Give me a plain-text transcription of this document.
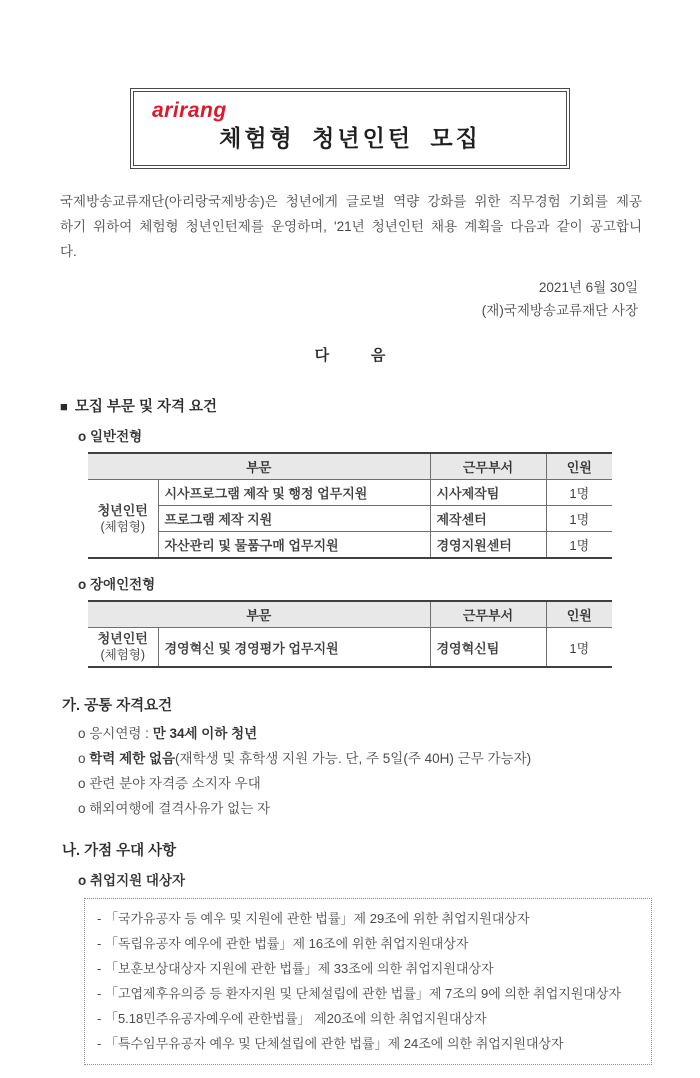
arirang
체험형 청년인턴 모집

국제방송교류재단(아리랑국제방송)은 청년에게 글로벌 역량 강화를 위한 직무경험 기회를 제공하기 위하여 체험형 청년인턴제를 운영하며, '21년 청년인턴 채용 계획을 다음과 같이 공고합니다.

2021년 6월 30일
(재)국제방송교류재단 사장
다          음
■ 모집 부문 및 자격 요건
o 일반전형
부문		근무부서	인원

청년인턴
(체험형)	시사프로그램 제작 및 행정 업무지원	시사제작팀	1명
	프로그램 제작 지원	제작센터	1명
	자산관리 및 물품구매 업무지원	경영지원센터	1명
o 장애인전형
부문		근무부서	인원

청년인턴
(체험형)	경영혁신 및 경영평가 업무지원	경영혁신팀	1명
가. 공통 자격요건
o 응시연령 : 만 34세 이하 청년
o 학력 제한 없음(재학생 및 휴학생 지원 가능. 단, 주 5일(주 40H) 근무 가능자)
o 관련 분야 자격증 소지자 우대
o 해외여행에 결격사유가 없는 자
나. 가점 우대 사항
o 취업지원 대상자
- 「국가유공자 등 예우 및 지원에 관한 법률」제 29조에 위한 취업지원대상자
- 「독립유공자 예우에 관한 법률」제 16조에 위한 취업지원대상자
- 「보훈보상대상자 지원에 관한 법률」제 33조에 의한 취업지원대상자
- 「고엽제후유의증 등 환자지원 및 단체설립에 관한 법률」제 7조의 9에 의한 취업지원대상자
- 「5.18민주유공자예우에 관한법률」 제20조에 의한 취업지원대상자
- 「특수임무유공자 예우 및 단체설립에 관한 법률」제 24조에 의한 취업지원대상자
